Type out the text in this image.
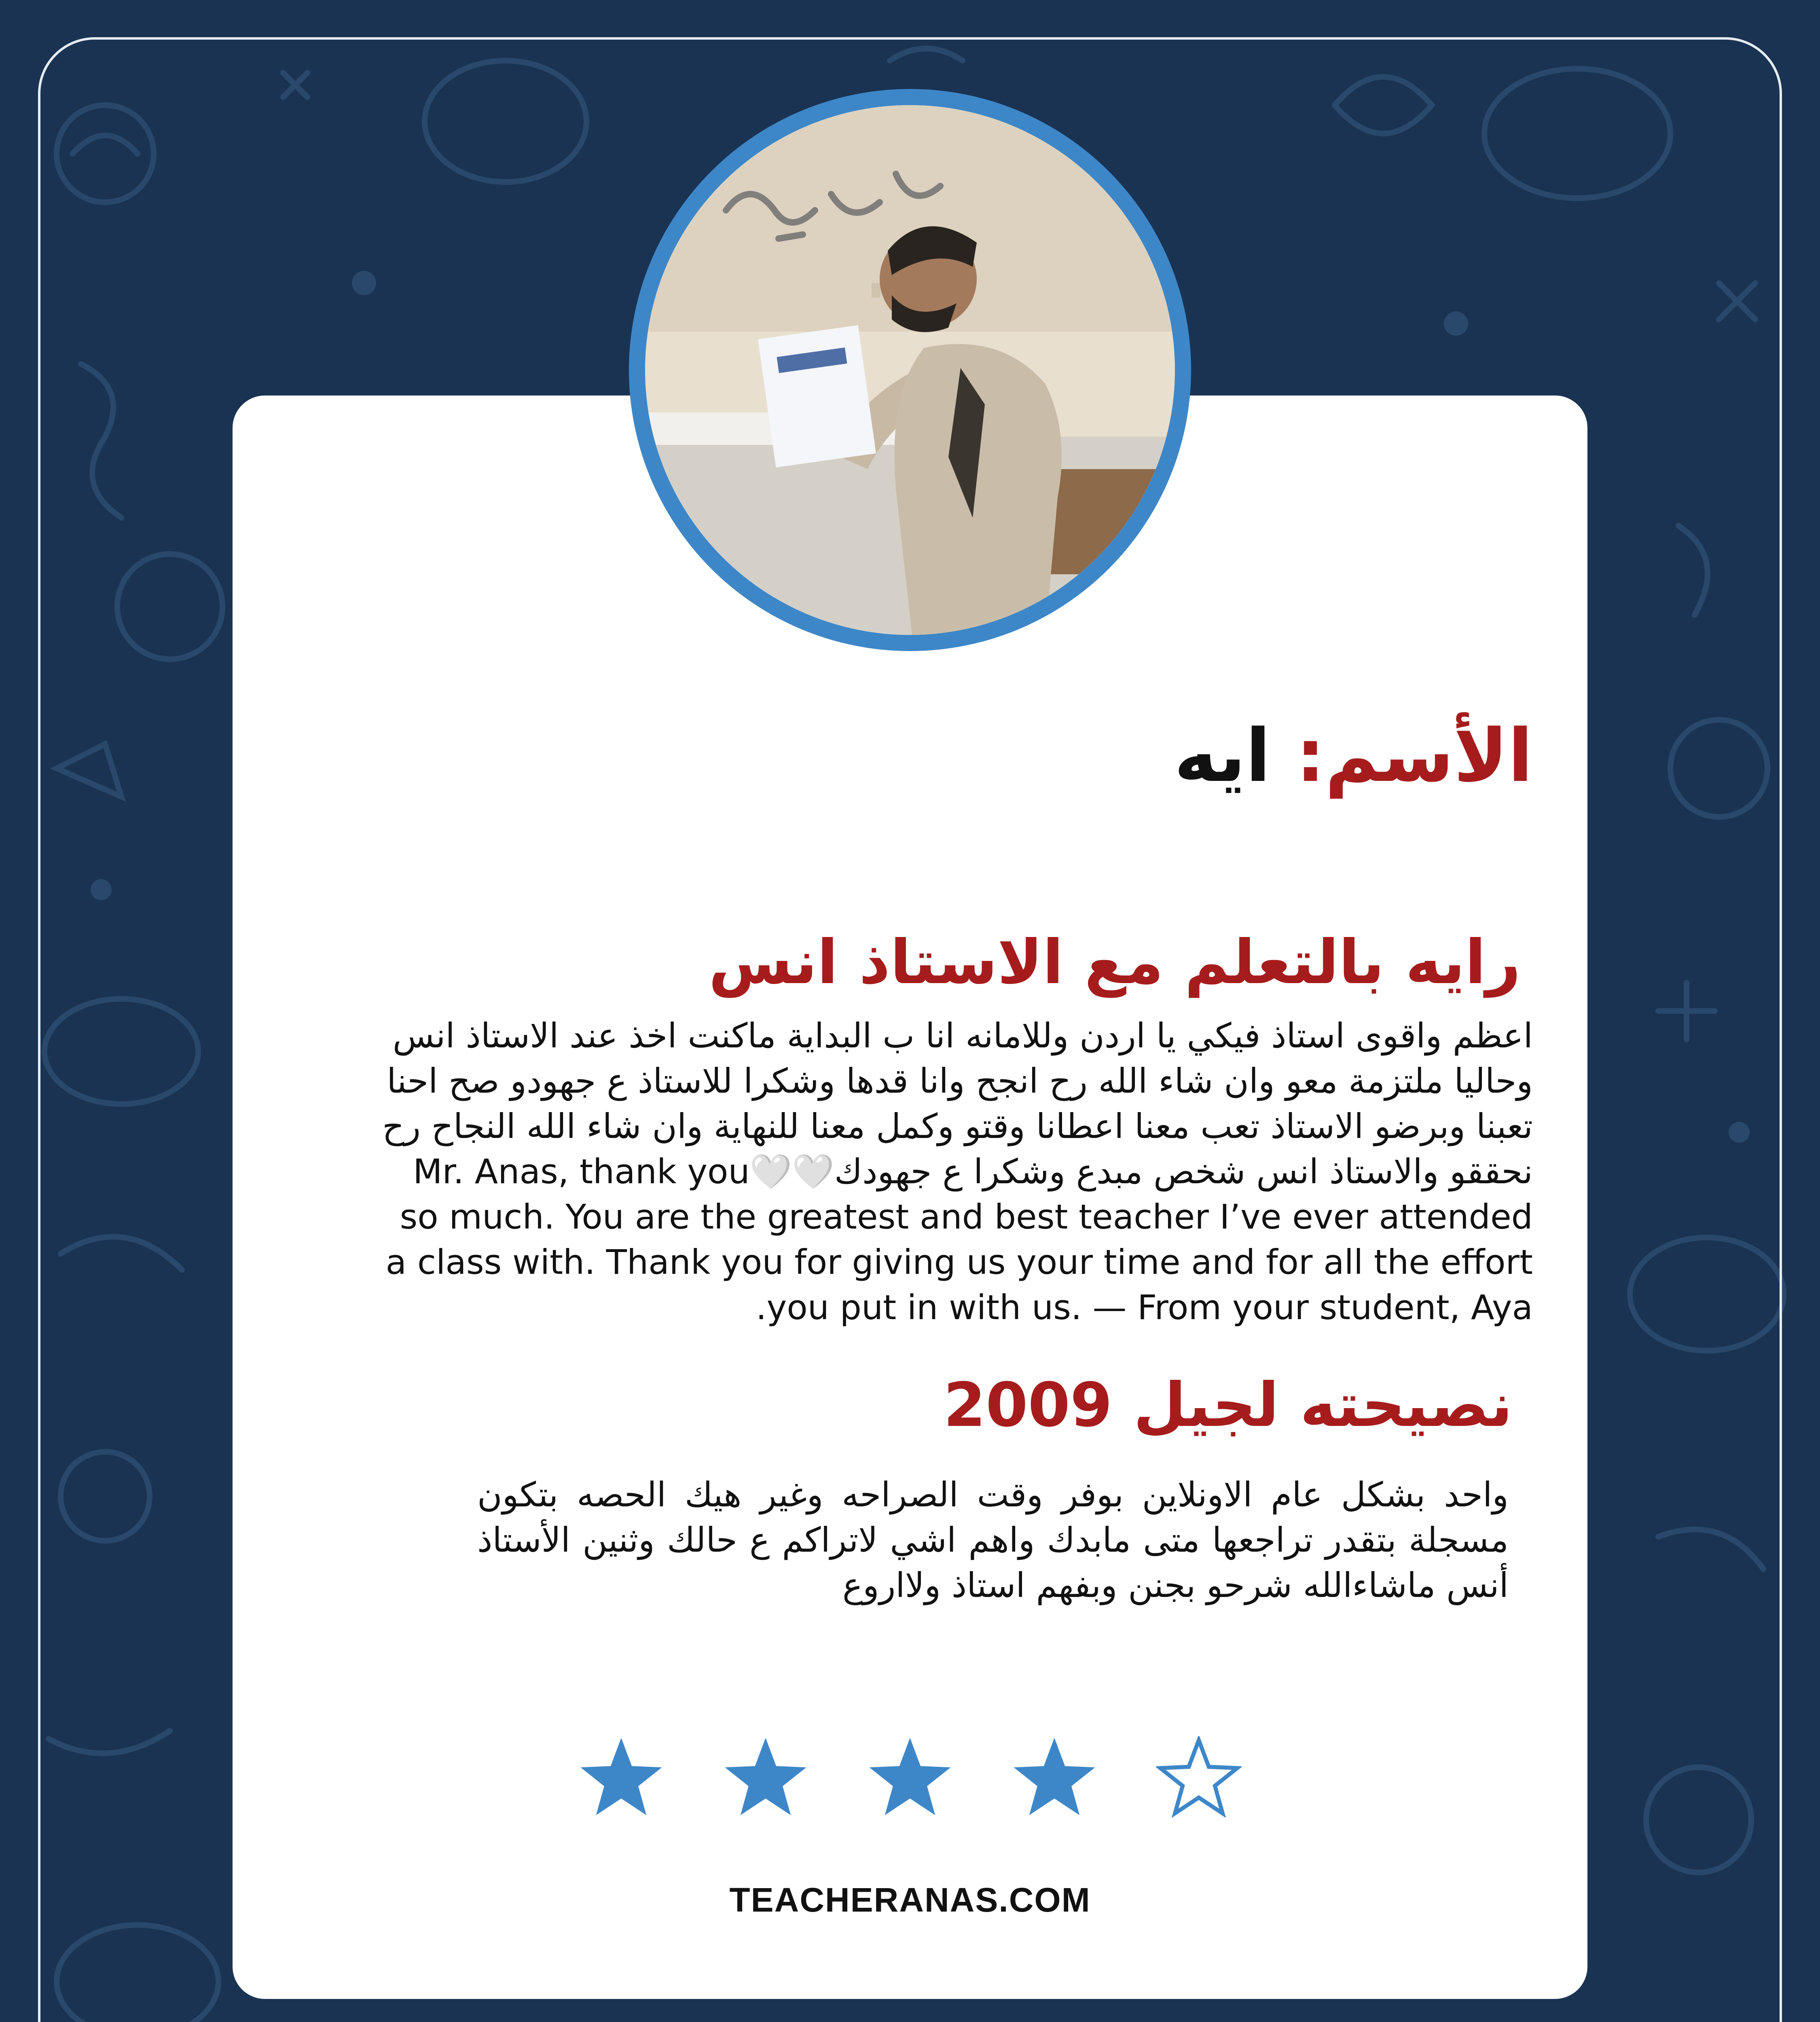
الأسم: ايه
رايه بالتعلم مع الاستاذ انس
اعظم واقوى استاذ فيكي يا اردن وللامانه انا ب البداية ماكنت اخذ عند الاستاذ انس وحاليا ملتزمة معو وان شاء الله رح انجح وانا قدها وشكرا للاستاذ ع جهودو صح احنا تعبنا وبرضو الاستاذ تعب معنا اعطانا وقتو وكمل معنا للنهاية وان شاء الله النجاح رح نحققو والاستاذ انس شخص مبدع وشكرا ع جهودك🤍🤍Mr. Anas, thank you so much. You are the greatest and best teacher I’ve ever attended a class with. Thank you for giving us your time and for all the effort you put in with us. — From your student, Aya.
نصيحته لجيل 2009
واحد بشكل عام الاونلاين بوفر وقت الصراحه وغير هيك الحصه بتكون مسجلة بتقدر تراجعها متى مابدك واهم اشي لاتراكم ع حالك وثنين الأستاذ أنس ماشاءالله شرحو بجنن وبفهم استاذ ولااروع
TEACHERANAS.COM
